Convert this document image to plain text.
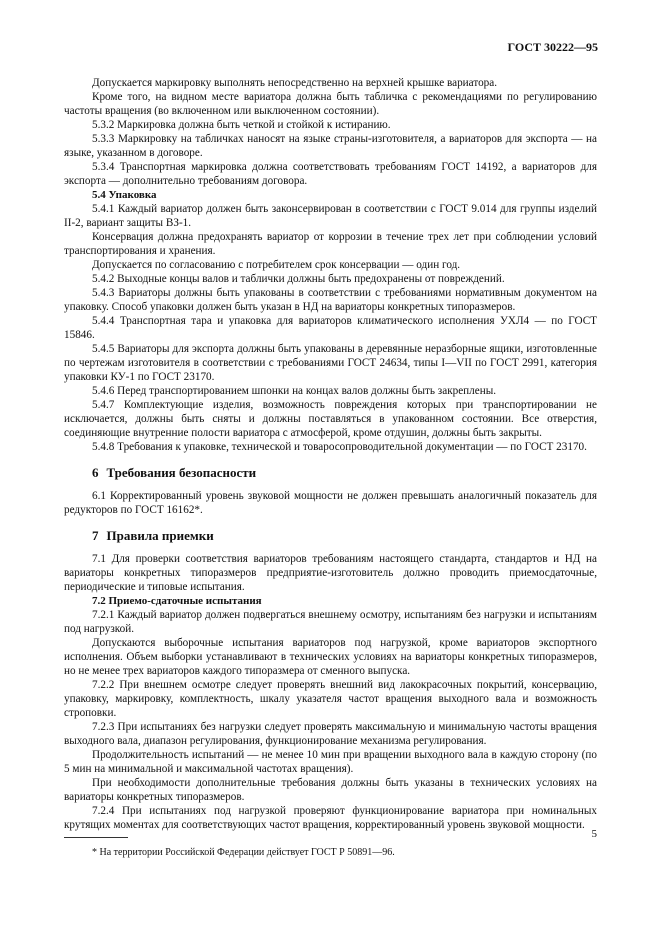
ГОСТ 30222—95

Допускается маркировку выполнять непосредственно на верхней крышке вариатора.

Кроме того, на видном месте вариатора должна быть табличка с рекомендациями по регулированию частоты вращения (во включенном или выключенном состоянии).

5.3.2 Маркировка должна быть четкой и стойкой к истиранию.

5.3.3 Маркировку на табличках наносят на языке страны-изготовителя, а вариаторов для экспорта — на языке, указанном в договоре.

5.3.4 Транспортная маркировка должна соответствовать требованиям ГОСТ 14192, а вариаторов для экспорта — дополнительно требованиям договора.

5.4 Упаковка

5.4.1 Каждый вариатор должен быть законсервирован в соответствии с ГОСТ 9.014 для группы изделий II-2, вариант защиты ВЗ-1.

Консервация должна предохранять вариатор от коррозии в течение трех лет при соблюдении условий транспортирования и хранения.

Допускается по согласованию с потребителем срок консервации — один год.

5.4.2 Выходные концы валов и таблички должны быть предохранены от повреждений.

5.4.3 Вариаторы должны быть упакованы в соответствии с требованиями нормативным документом на упаковку. Способ упаковки должен быть указан в НД на вариаторы конкретных типоразмеров.

5.4.4 Транспортная тара и упаковка для вариаторов климатического исполнения УХЛ4 — по ГОСТ 15846.

5.4.5 Вариаторы для экспорта должны быть упакованы в деревянные неразборные ящики, изготовленные по чертежам изготовителя в соответствии с требованиями ГОСТ 24634, типы I—VII по ГОСТ 2991, категория упаковки КУ-1 по ГОСТ 23170.

5.4.6 Перед транспортированием шпонки на концах валов должны быть закреплены.

5.4.7 Комплектующие изделия, возможность повреждения которых при транспортировании не исключается, должны быть сняты и должны поставляться в упакованном состоянии. Все отверстия, соединяющие внутренние полости вариатора с атмосферой, кроме отдушин, должны быть закрыты.

5.4.8 Требования к упаковке, технической и товаросопроводительной документации — по ГОСТ 23170.

6 Требования безопасности

6.1 Корректированный уровень звуковой мощности не должен превышать аналогичный показатель для редукторов по ГОСТ 16162*.

7 Правила приемки

7.1 Для проверки соответствия вариаторов требованиям настоящего стандарта, стандартов и НД на вариаторы конкретных типоразмеров предприятие-изготовитель должно проводить приемосдаточные, периодические и типовые испытания.

7.2 Приемо-сдаточные испытания

7.2.1 Каждый вариатор должен подвергаться внешнему осмотру, испытаниям без нагрузки и испытаниям под нагрузкой.

Допускаются выборочные испытания вариаторов под нагрузкой, кроме вариаторов экспортного исполнения. Объем выборки устанавливают в технических условиях на вариаторы конкретных типоразмеров, но не менее трех вариаторов каждого типоразмера от сменного выпуска.

7.2.2 При внешнем осмотре следует проверять внешний вид лакокрасочных покрытий, консервацию, упаковку, маркировку, комплектность, шкалу указателя частот вращения выходного вала и возможность строповки.

7.2.3 При испытаниях без нагрузки следует проверять максимальную и минимальную частоты вращения выходного вала, диапазон регулирования, функционирование механизма регулирования.

Продолжительность испытаний — не менее 10 мин при вращении выходного вала в каждую сторону (по 5 мин на минимальной и максимальной частотах вращения).

При необходимости дополнительные требования должны быть указаны в технических условиях на вариаторы конкретных типоразмеров.

7.2.4 При испытаниях под нагрузкой проверяют функционирование вариатора при номинальных крутящих моментах для соответствующих частот вращения, корректированный уровень звуковой мощности.

* На территории Российской Федерации действует ГОСТ Р 50891—96.

5
